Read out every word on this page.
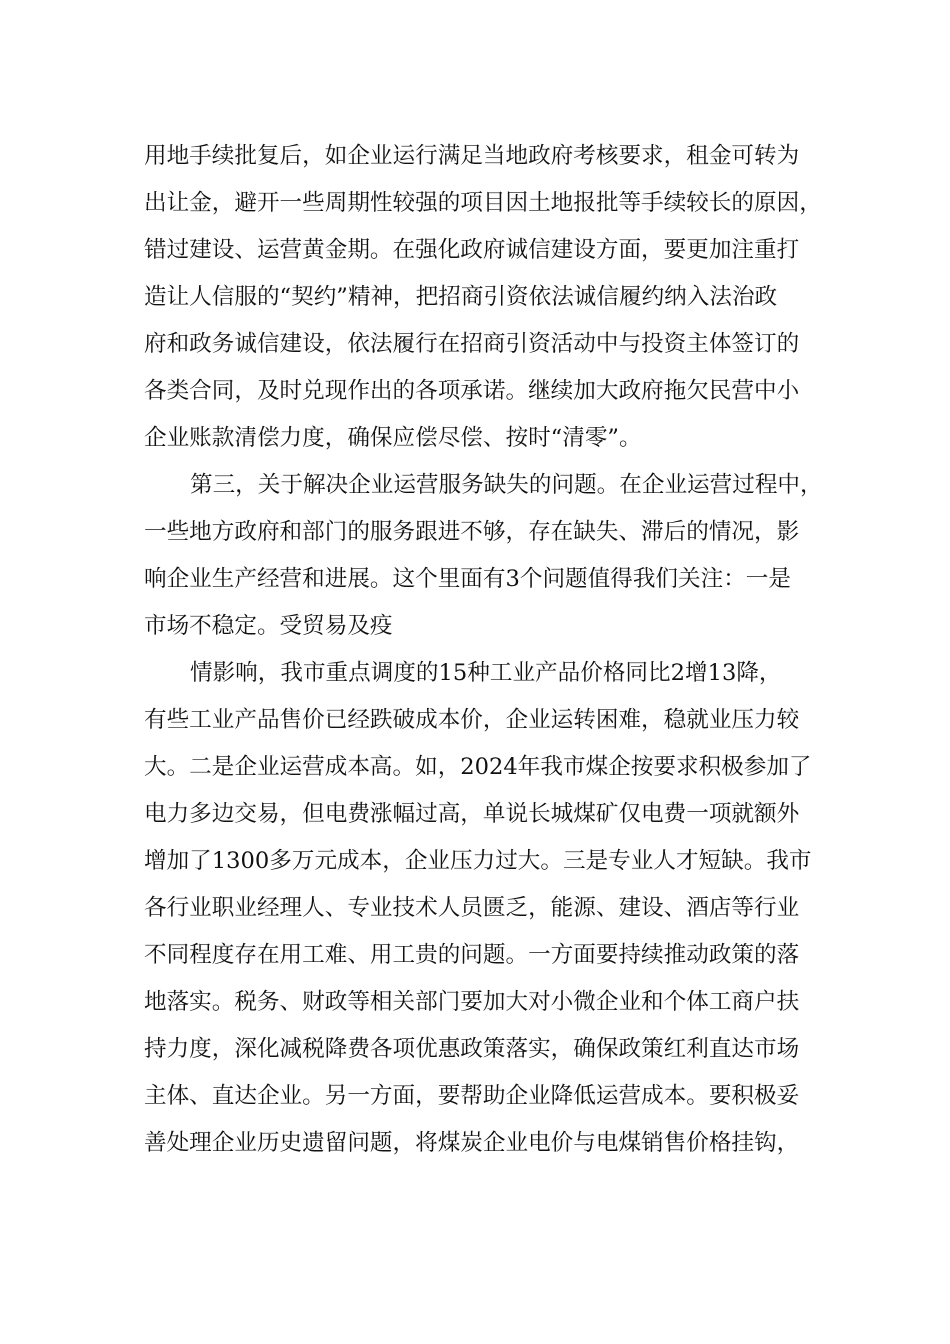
用地手续批复后，如企业运行满足当地政府考核要求，租金可转为
出让金，避开一些周期性较强的项目因土地报批等手续较长的原因，
错过建设、运营黄金期。在强化政府诚信建设方面，要更加注重打
造让人信服的“契约”精神，把招商引资依法诚信履约纳入法治政
府和政务诚信建设，依法履行在招商引资活动中与投资主体签订的
各类合同，及时兑现作出的各项承诺。继续加大政府拖欠民营中小
企业账款清偿力度，确保应偿尽偿、按时“清零”。
第三，关于解决企业运营服务缺失的问题。在企业运营过程中，
一些地方政府和部门的服务跟进不够，存在缺失、滞后的情况，影
响企业生产经营和进展。这个里面有3个问题值得我们关注：一是
市场不稳定。受贸易及疫
情影响，我市重点调度的15种工业产品价格同比2增13降，
有些工业产品售价已经跌破成本价，企业运转困难，稳就业压力较
大。二是企业运营成本高。如，2024年我市煤企按要求积极参加了
电力多边交易，但电费涨幅过高，单说长城煤矿仅电费一项就额外
增加了1300多万元成本，企业压力过大。三是专业人才短缺。我市
各行业职业经理人、专业技术人员匮乏，能源、建设、酒店等行业
不同程度存在用工难、用工贵的问题。一方面要持续推动政策的落
地落实。税务、财政等相关部门要加大对小微企业和个体工商户扶
持力度，深化减税降费各项优惠政策落实，确保政策红利直达市场
主体、直达企业。另一方面，要帮助企业降低运营成本。要积极妥
善处理企业历史遗留问题，将煤炭企业电价与电煤销售价格挂钩，
